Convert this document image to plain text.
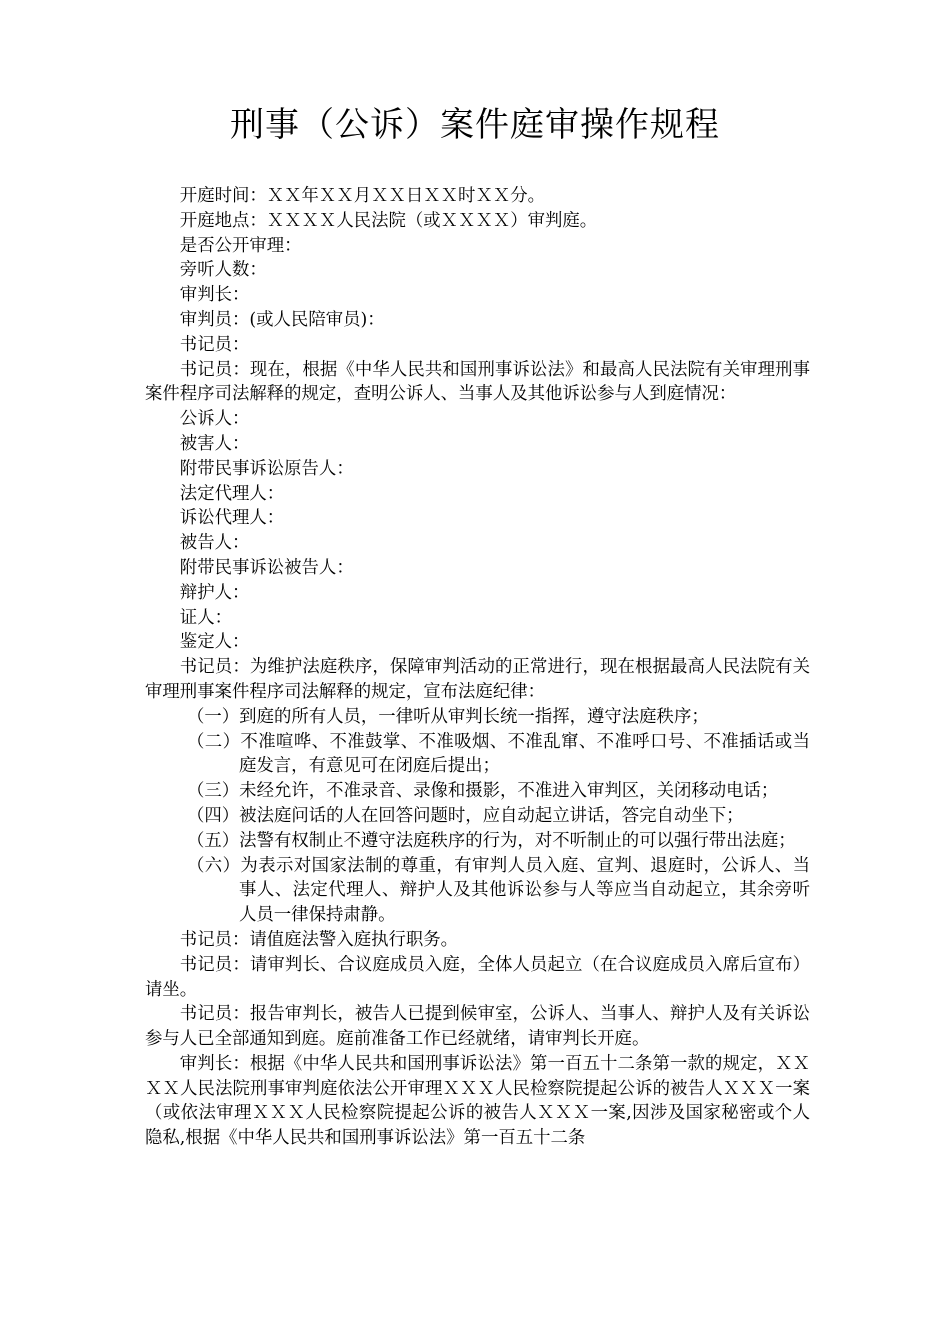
刑事（公诉）案件庭审操作规程

开庭时间：ＸＸ年ＸＸ月ＸＸ日ＸＸ时ＸＸ分。

开庭地点：ＸＸＸＸ人民法院（或ＸＸＸＸ）审判庭。

是否公开审理：

旁听人数：

审判长：

审判员：(或人民陪审员)：

书记员：

书记员：现在，根据《中华人民共和国刑事诉讼法》和最高人民法院有关审理刑事案件程序司法解释的规定，查明公诉人、当事人及其他诉讼参与人到庭情况：

公诉人：

被害人：

附带民事诉讼原告人：

法定代理人：

诉讼代理人：

被告人：

附带民事诉讼被告人：

辩护人：

证人：

鉴定人：

书记员：为维护法庭秩序，保障审判活动的正常进行，现在根据最高人民法院有关审理刑事案件程序司法解释的规定，宣布法庭纪律：

（一）到庭的所有人员，一律听从审判长统一指挥，遵守法庭秩序；

（二）不准喧哗、不准鼓掌、不准吸烟、不准乱窜、不准呼口号、不准插话或当庭发言，有意见可在闭庭后提出；

（三）未经允许，不准录音、录像和摄影，不准进入审判区，关闭移动电话；

（四）被法庭问话的人在回答问题时，应自动起立讲话，答完自动坐下；

（五）法警有权制止不遵守法庭秩序的行为，对不听制止的可以强行带出法庭；

（六）为表示对国家法制的尊重，有审判人员入庭、宣判、退庭时，公诉人、当事人、法定代理人、辩护人及其他诉讼参与人等应当自动起立，其余旁听人员一律保持肃静。

书记员：请值庭法警入庭执行职务。

书记员：请审判长、合议庭成员入庭，全体人员起立（在合议庭成员入席后宣布）请坐。

书记员：报告审判长，被告人已提到候审室，公诉人、当事人、辩护人及有关诉讼参与人已全部通知到庭。庭前准备工作已经就绪，请审判长开庭。

审判长：根据《中华人民共和国刑事诉讼法》第一百五十二条第一款的规定，ＸＸＸＸ人民法院刑事审判庭依法公开审理ＸＸＸ人民检察院提起公诉的被告人ＸＸＸ一案（或依法审理ＸＸＸ人民检察院提起公诉的被告人ＸＸＸ一案,因涉及国家秘密或个人隐私,根据《中华人民共和国刑事诉讼法》第一百五十二条
